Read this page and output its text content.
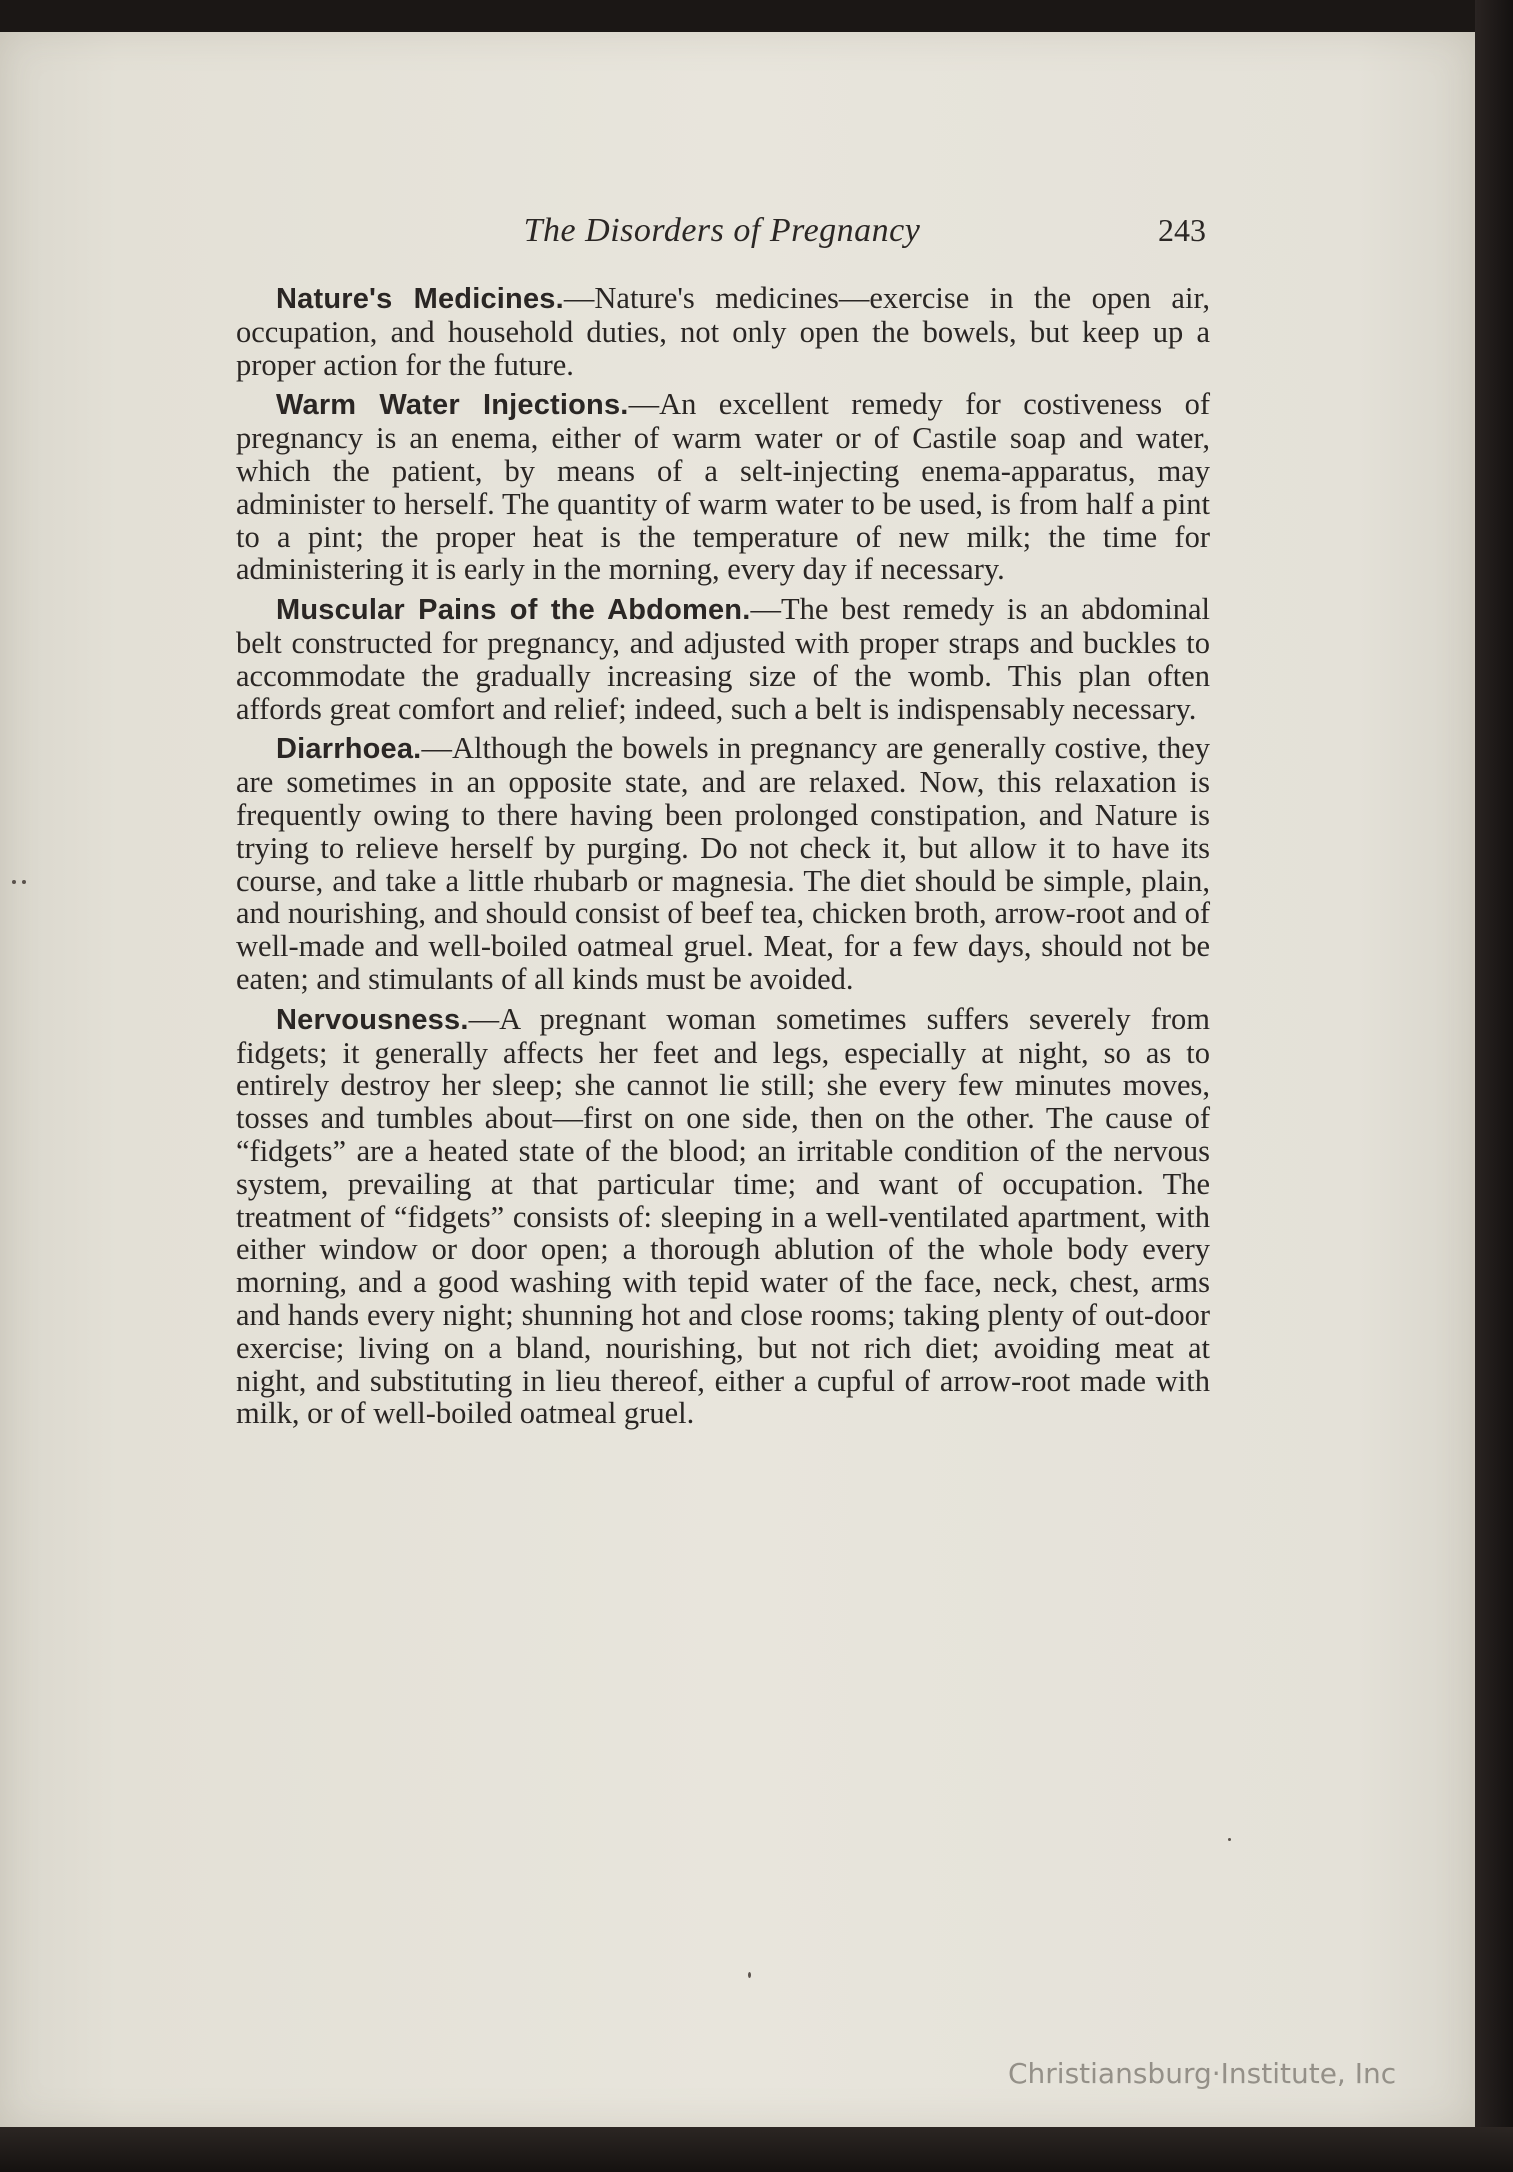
The Disorders of Pregnancy	243

Nature's Medicines.—Nature's medicines—exercise in the open air, occupation, and household duties, not only open the bowels, but keep up a proper action for the future.

Warm Water Injections.—An excellent remedy for costiveness of pregnancy is an enema, either of warm water or of Castile soap and water, which the patient, by means of a selt-injecting enema-apparatus, may administer to herself. The quantity of warm water to be used, is from half a pint to a pint; the proper heat is the temperature of new milk; the time for administering it is early in the morning, every day if necessary.

Muscular Pains of the Abdomen.—The best remedy is an abdominal belt constructed for pregnancy, and adjusted with proper straps and buckles to accommodate the gradually increasing size of the womb. This plan often affords great comfort and relief; indeed, such a belt is indispensably necessary.

Diarrhoea.—Although the bowels in pregnancy are generally costive, they are sometimes in an opposite state, and are relaxed. Now, this relaxation is frequently owing to there having been prolonged constipation, and Nature is trying to relieve herself by purging. Do not check it, but allow it to have its course, and take a little rhubarb or magnesia. The diet should be simple, plain, and nourishing, and should consist of beef tea, chicken broth, arrow-root and of well-made and well-boiled oatmeal gruel. Meat, for a few days, should not be eaten; and stimulants of all kinds must be avoided.

Nervousness.—A pregnant woman sometimes suffers severely from fidgets; it generally affects her feet and legs, especially at night, so as to entirely destroy her sleep; she cannot lie still; she every few minutes moves, tosses and tumbles about—first on one side, then on the other. The cause of “fidgets” are a heated state of the blood; an irritable condition of the nervous system, prevailing at that particular time; and want of occupation. The treatment of “fidgets” consists of: sleeping in a well-ventilated apartment, with either window or door open; a thorough ablution of the whole body every morning, and a good washing with tepid water of the face, neck, chest, arms and hands every night; shunning hot and close rooms; taking plenty of out-door exercise; living on a bland, nourishing, but not rich diet; avoiding meat at night, and substituting in lieu thereof, either a cupful of arrow-root made with milk, or of well-boiled oatmeal gruel.

Christiansburg·Institute, Inc
